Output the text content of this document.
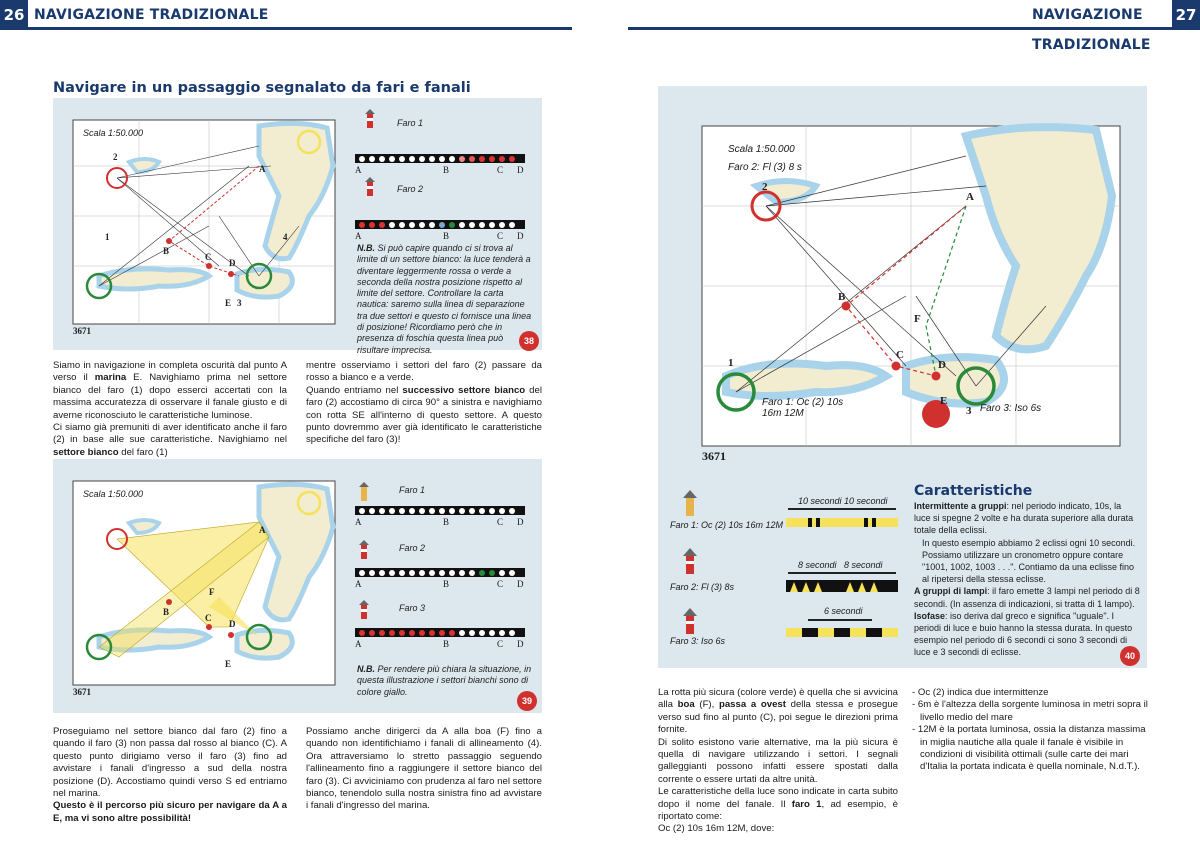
26 NAVIGAZIONE TRADIZIONALE	NAVIGAZIONE TRADIZIONALE
27
Navigare in un passaggio segnalato da fari e fanali
A
B
C
D
E
2
1
3
4
Scala 1:50.000
3671
Faro 1
A	B	C D
Faro 2
A	B	C D
N.B. Si può capire quando ci si trova al limite di un settore bianco: la luce tenderà a diventare leggermente rossa o verde a seconda della nostra posizione rispetto al limite del settore. Controllare la carta nautica: saremo sulla linea di separazione tra due settori e questo ci fornisce una linea di posizione! Ricordiamo però che in presenza di foschia questa linea può risultare imprecisa.
38

Siamo in navigazione in completa oscurità dal punto A verso il marina E. Navighiamo prima nel settore bianco del faro (1) dopo esserci accertati con la massima accuratezza di osservare il fanale giusto e di averne riconosciuto le caratteristiche luminose.

Ci siamo già premuniti di aver identificato anche il faro (2) in base alle sue caratteristiche. Navighiamo nel settore bianco del faro (1)

mentre osserviamo i settori del faro (2) passare da rosso a bianco e a verde.

Quando entriamo nel successivo settore bianco del faro (2) accostiamo di circa 90° a sinistra e navighiamo con rotta SE all'interno di questo settore. A questo punto dovremmo aver già identificato le caratteristiche specifiche del faro (3)!

A
B
C
D
E
F
Scala 1:50.000
3671
Faro 1
A	B	C D
Faro 2
A	B	C D
Faro 3
A	B	C D
N.B. Per rendere più chiara la situazione, in questa illustrazione i settori bianchi sono di colore giallo.
39

Proseguiamo nel settore bianco dal faro (2) fino a quando il faro (3) non passa dal rosso al bianco (C). A questo punto dirigiamo verso il faro (3) fino ad avvistare i fanali d'ingresso a sud della nostra posizione (D). Accostiamo quindi verso S ed entriamo nel marina.

Questo è il percorso più sicuro per navigare da A a E, ma vi sono altre possibilità!

Possiamo anche dirigerci da A alla boa (F) fino a quando non identifichiamo i fanali di allineamento (4). Ora attraversiamo lo stretto passaggio seguendo l'allineamento fino a raggiungere il settore bianco del faro (3). Ci avviciniamo con prudenza al faro nel settore bianco, tenendolo sulla nostra sinistra fino ad avvistare i fanali d'ingresso del marina.

A
B
C
D
E
F
2
1
3
Scala 1:50.000
Faro 2: Fl (3) 8 s
Faro 1: Oc (2) 10s 16m 12M	Faro 3: Iso 6s
3671
Faro 1: Oc (2) 10s 16m 12M
10 secondi 10 secondi
Faro 2: Fl (3) 8s
8 secondi 8 secondi
Faro 3: Iso 6s
6 secondi
Caratteristiche

Intermittente a gruppi: nel periodo indicato, 10s, la luce si spegne 2 volte e ha durata superiore alla durata totale della eclissi.

In questo esempio abbiamo 2 eclissi ogni 10 secondi. Possiamo utilizzare un cronometro oppure contare "1001, 1002, 1003 . . .". Contiamo da una eclisse fino al ripetersi della stessa eclisse.

A gruppi di lampi: il faro emette 3 lampi nel periodo di 8 secondi. (In assenza di indicazioni, si tratta di 1 lampo).

Isofase: iso deriva dal greco e significa "uguale". I periodi di luce e buio hanno la stessa durata. In questo esempio nel periodo di 6 secondi ci sono 3 secondi di luce e 3 secondi di eclisse.	40

La rotta più sicura (colore verde) è quella che si avvicina alla boa (F), passa a ovest della stessa e prosegue verso sud fino al punto (C), poi segue le direzioni prima fornite.

Di solito esistono varie alternative, ma la più sicura è quella di navigare utilizzando i settori. I segnali galleggianti possono infatti essere spostati dalla corrente o essere urtati da altre unità.

Le caratteristiche della luce sono indicate in carta subito dopo il nome del fanale. Il faro 1, ad esempio, è riportato come:

Oc (2) 10s 16m 12M, dove:

- Oc (2) indica due intermittenze

- 6m è l'altezza della sorgente luminosa in metri sopra il livello medio del mare

- 12M è la portata luminosa, ossia la distanza massima in miglia nautiche alla quale il fanale è visibile in condizioni di visibilità ottimali (sulle carte dei mari d'Italia la portata indicata è quella nominale, N.d.T.).
